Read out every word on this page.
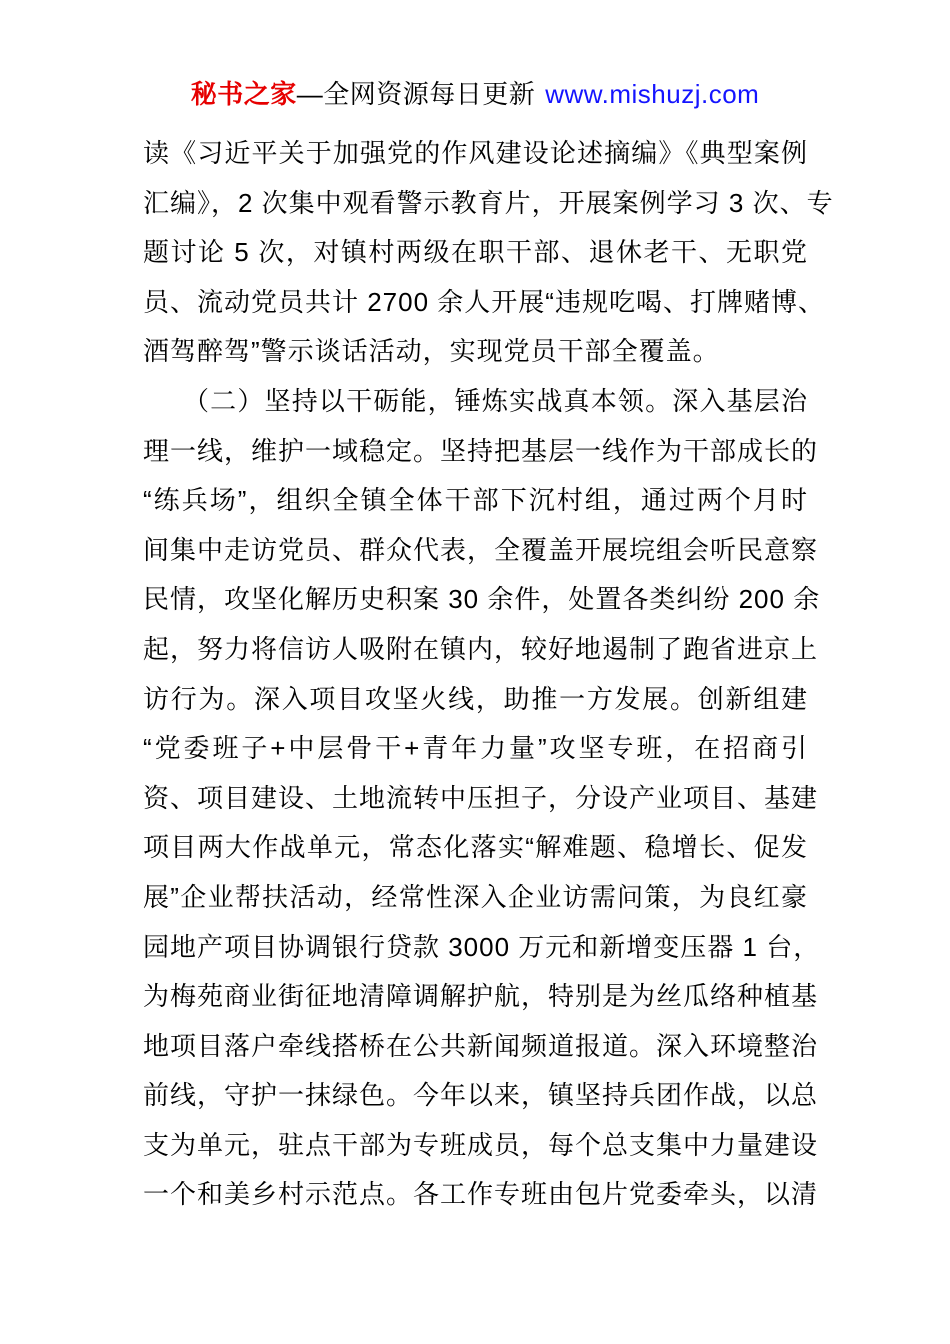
秘书之家—全网资源每日更新 www.mishuzj.com
读《习近平关于加强党的作风建设论述摘编》《典型案例
汇编》，2 次集中观看警示教育片，开展案例学习 3 次、专
题讨论 5 次，对镇村两级在职干部、退休老干、无职党
员、流动党员共计 2700 余人开展“违规吃喝、打牌赌博、
酒驾醉驾”警示谈话活动，实现党员干部全覆盖。
（二）坚持以干砺能，锤炼实战真本领。深入基层治
理一线，维护一域稳定。坚持把基层一线作为干部成长的
“练兵场”，组织全镇全体干部下沉村组，通过两个月时
间集中走访党员、群众代表，全覆盖开展垸组会听民意察
民情，攻坚化解历史积案 30 余件，处置各类纠纷 200 余
起，努力将信访人吸附在镇内，较好地遏制了跑省进京上
访行为。深入项目攻坚火线，助推一方发展。创新组建
“党委班子+中层骨干+青年力量”攻坚专班，在招商引
资、项目建设、土地流转中压担子，分设产业项目、基建
项目两大作战单元，常态化落实“解难题、稳增长、促发
展”企业帮扶活动，经常性深入企业访需问策，为良红豪
园地产项目协调银行贷款 3000 万元和新增变压器 1 台，
为梅苑商业街征地清障调解护航，特别是为丝瓜络种植基
地项目落户牵线搭桥在公共新闻频道报道。深入环境整治
前线，守护一抹绿色。今年以来，镇坚持兵团作战，以总
支为单元，驻点干部为专班成员，每个总支集中力量建设
一个和美乡村示范点。各工作专班由包片党委牵头，以清
